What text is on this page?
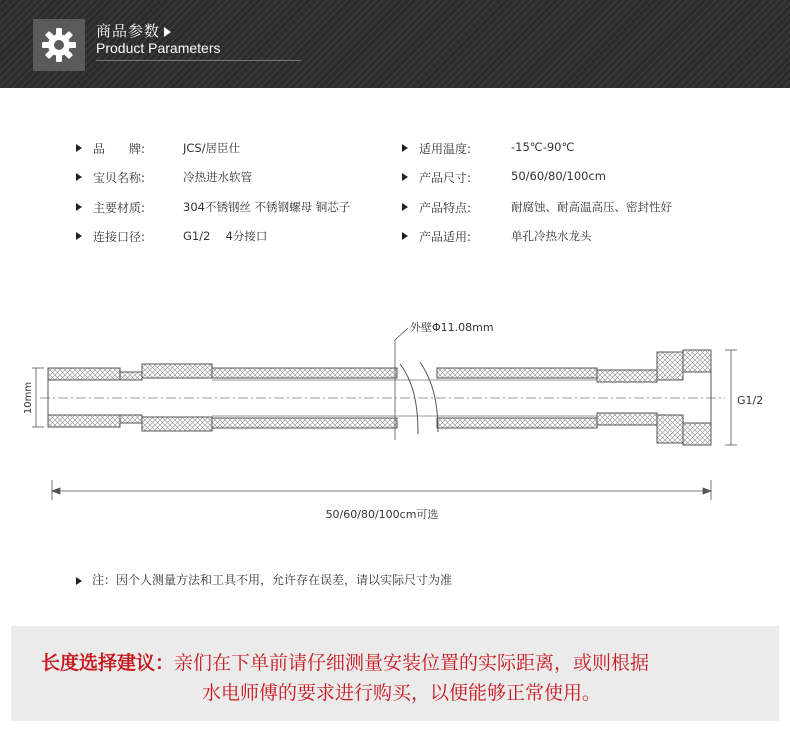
商品参数
Product Parameters
品　　牌:	JCS/居臣仕
宝贝名称:	冷热进水软管
主要材质:	304不锈钢丝 不锈钢螺母 铜芯子
连接口径:	G1/2　 4分接口
适用温度:	-15℃-90℃
产品尺寸:	50/60/80/100cm
产品特点:	耐腐蚀、耐高温高压、密封性好
产品适用:	单孔冷热水龙头
10mm	G1/2
外壁Φ11.08mm
50/60/80/100cm可选
注：因个人测量方法和工具不用，允许存在误差，请以实际尺寸为准
长度选择建议：亲们在下单前请仔细测量安装位置的实际距离，或则根据
水电师傅的要求进行购买，以便能够正常使用。
